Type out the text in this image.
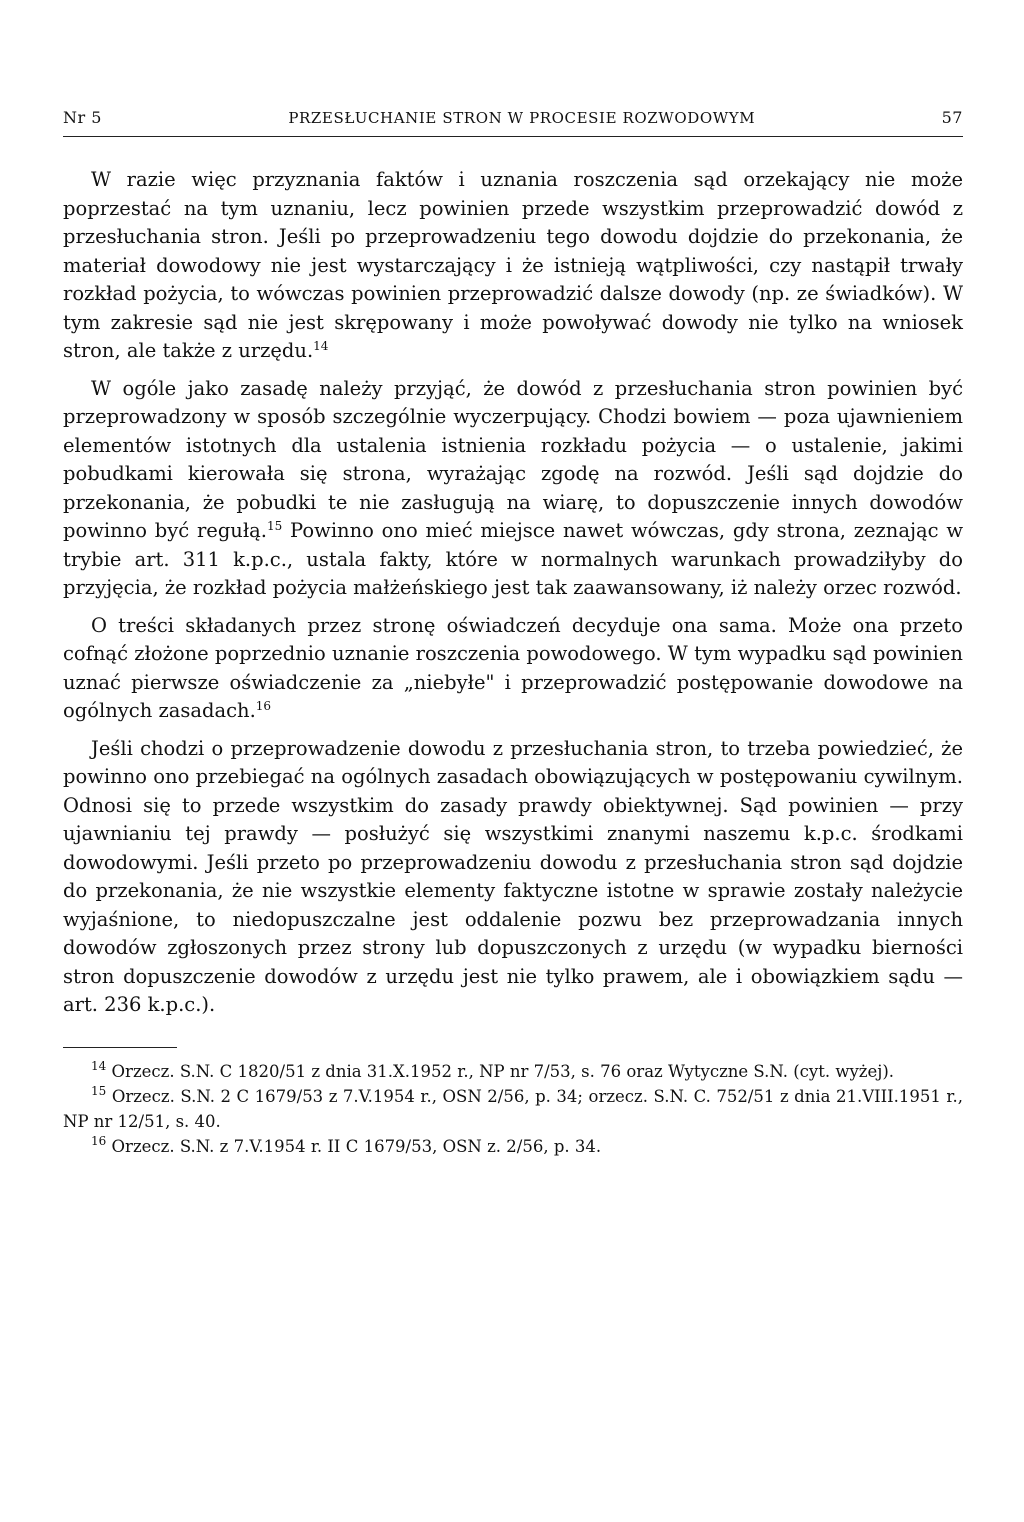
Nr 5	PRZESŁUCHANIE STRON W PROCESIE ROZWODOWYM	57

W razie więc przyznania faktów i uznania roszczenia sąd orzekający nie może poprzestać na tym uznaniu, lecz powinien przede wszystkim przeprowadzić dowód z przesłuchania stron. Jeśli po przeprowadzeniu tego dowodu dojdzie do przekonania, że materiał dowodowy nie jest wystarczający i że istnieją wątpliwości, czy nastąpił trwały rozkład pożycia, to wówczas powinien przeprowadzić dalsze dowody (np. ze świadków). W tym zakresie sąd nie jest skrępowany i może powoływać dowody nie tylko na wniosek stron, ale także z urzędu.$^{14}$

W ogóle jako zasadę należy przyjąć, że dowód z przesłuchania stron powinien być przeprowadzony w sposób szczególnie wyczerpujący. Chodzi bowiem — poza ujawnieniem elementów istotnych dla ustalenia istnienia rozkładu pożycia — o ustalenie, jakimi pobudkami kierowała się strona, wyrażając zgodę na rozwód. Jeśli sąd dojdzie do przekonania, że pobudki te nie zasługują na wiarę, to dopuszczenie innych dowodów powinno być regułą.$^{15}$ Powinno ono mieć miejsce nawet wówczas, gdy strona, zeznając w trybie art. 311 k.p.c., ustala fakty, które w normalnych warunkach prowadziłyby do przyjęcia, że rozkład pożycia małżeńskiego jest tak zaawansowany, iż należy orzec rozwód.

O treści składanych przez stronę oświadczeń decyduje ona sama. Może ona przeto cofnąć złożone poprzednio uznanie roszczenia powodowego. W tym wypadku sąd powinien uznać pierwsze oświadczenie za „niebyłe" i przeprowadzić postępowanie dowodowe na ogólnych zasadach.$^{16}$

Jeśli chodzi o przeprowadzenie dowodu z przesłuchania stron, to trzeba powiedzieć, że powinno ono przebiegać na ogólnych zasadach obowiązujących w postępowaniu cywilnym. Odnosi się to przede wszystkim do zasady prawdy obiektywnej. Sąd powinien — przy ujawnianiu tej prawdy — posłużyć się wszystkimi znanymi naszemu k.p.c. środkami dowodowymi. Jeśli przeto po przeprowadzeniu dowodu z przesłuchania stron sąd dojdzie do przekonania, że nie wszystkie elementy faktyczne istotne w sprawie zostały należycie wyjaśnione, to niedopuszczalne jest oddalenie pozwu bez przeprowadzania innych dowodów zgłoszonych przez strony lub dopuszczonych z urzędu (w wypadku bierności stron dopuszczenie dowodów z urzędu jest nie tylko prawem, ale i obowiązkiem sądu — art. 236 k.p.c.).

$^{14}$ Orzecz. S.N. C 1820/51 z dnia 31.X.1952 r., NP nr 7/53, s. 76 oraz Wytyczne S.N. (cyt. wyżej).

$^{15}$ Orzecz. S.N. 2 C 1679/53 z 7.V.1954 r., OSN 2/56, p. 34; orzecz. S.N. C. 752/51 z dnia 21.VIII.1951 r., NP nr 12/51, s. 40.

$^{16}$ Orzecz. S.N. z 7.V.1954 r. II C 1679/53, OSN z. 2/56, p. 34.
